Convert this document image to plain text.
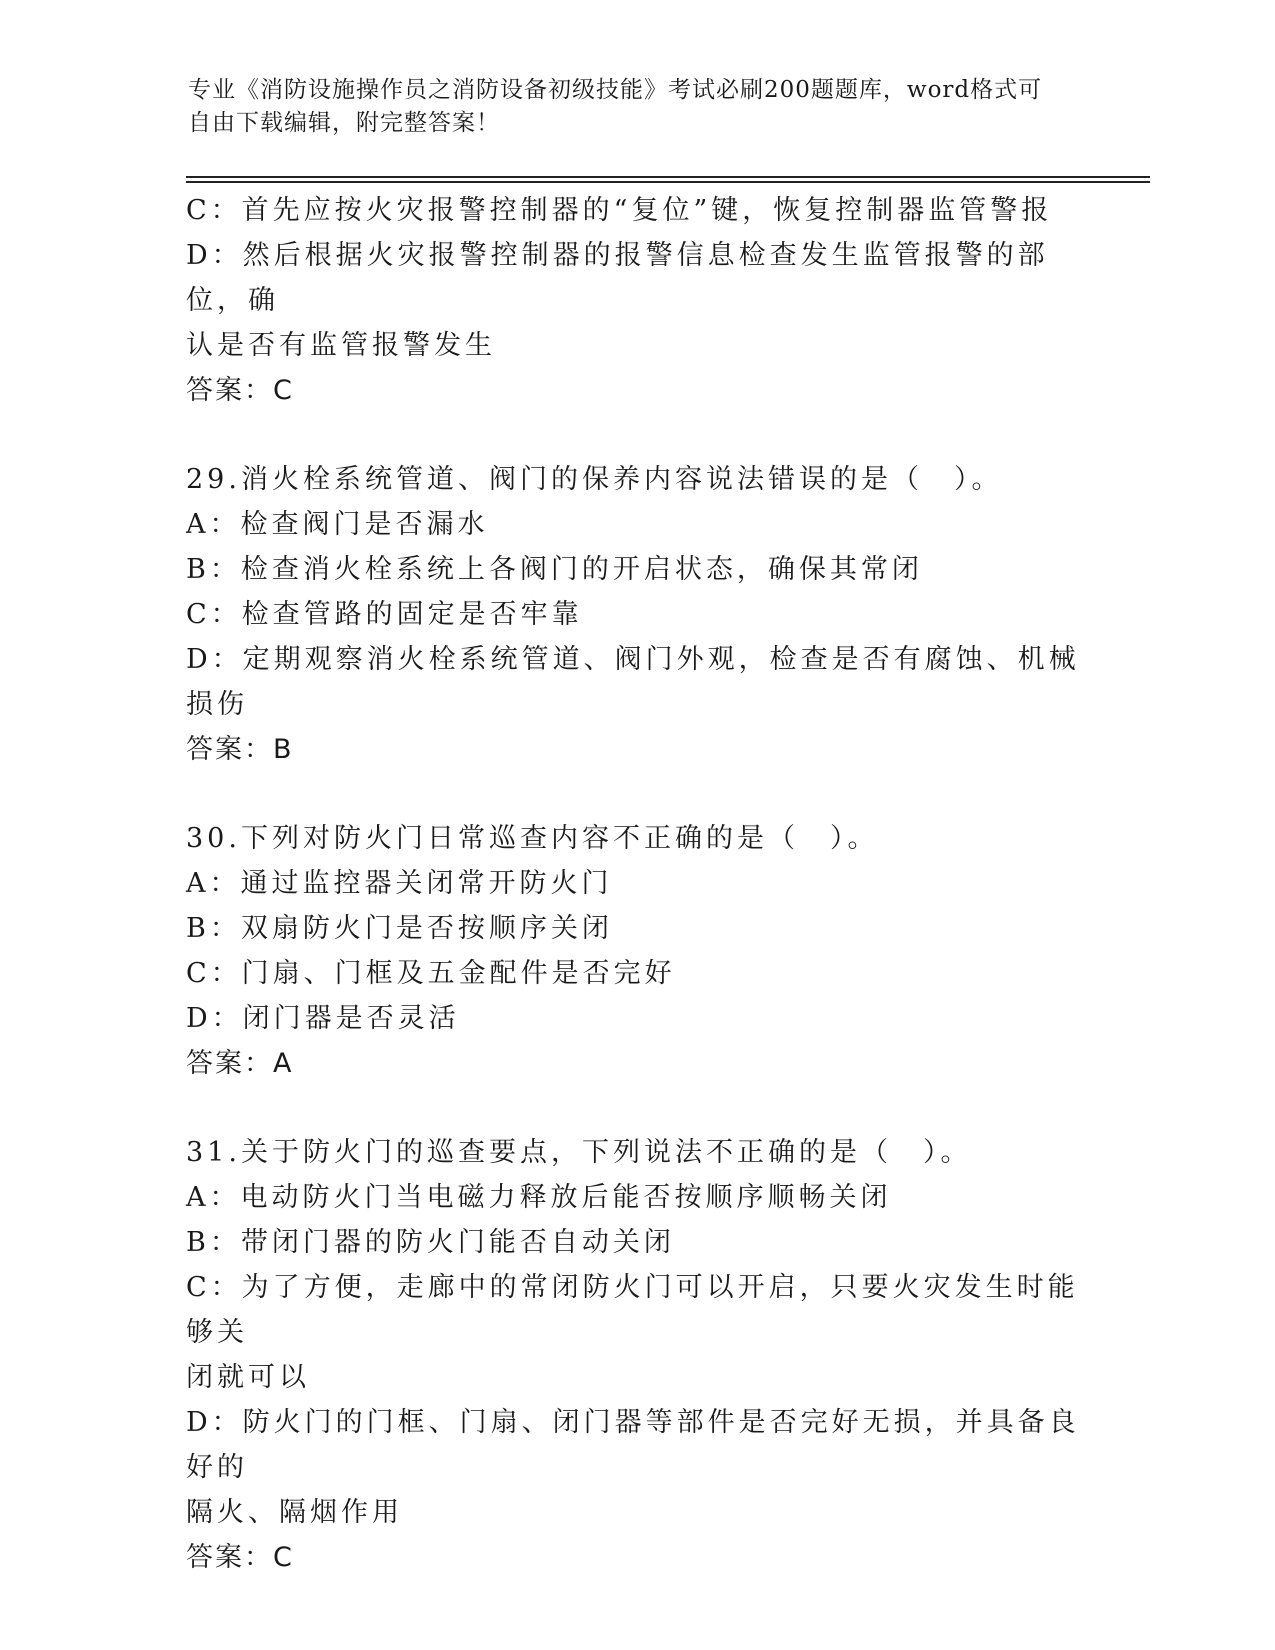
专业《消防设施操作员之消防设备初级技能》考试必刷200题题库，word格式可
自由下载编辑，附完整答案！
C：首先应按火灾报警控制器的“复位”键，恢复控制器监管警报
D：然后根据火灾报警控制器的报警信息检查发生监管报警的部位，确
认是否有监管报警发生
答案：C
29.消火栓系统管道、阀门的保养内容说法错误的是（　）。
A：检查阀门是否漏水
B：检查消火栓系统上各阀门的开启状态，确保其常闭
C：检查管路的固定是否牢靠
D：定期观察消火栓系统管道、阀门外观，检查是否有腐蚀、机械损伤
答案：B
30.下列对防火门日常巡查内容不正确的是（　）。
A：通过监控器关闭常开防火门
B：双扇防火门是否按顺序关闭
C：门扇、门框及五金配件是否完好
D：闭门器是否灵活
答案：A
31.关于防火门的巡查要点，下列说法不正确的是（　）。
A：电动防火门当电磁力释放后能否按顺序顺畅关闭
B：带闭门器的防火门能否自动关闭
C：为了方便，走廊中的常闭防火门可以开启，只要火灾发生时能够关
闭就可以
D：防火门的门框、门扇、闭门器等部件是否完好无损，并具备良好的
隔火、隔烟作用
答案：C
